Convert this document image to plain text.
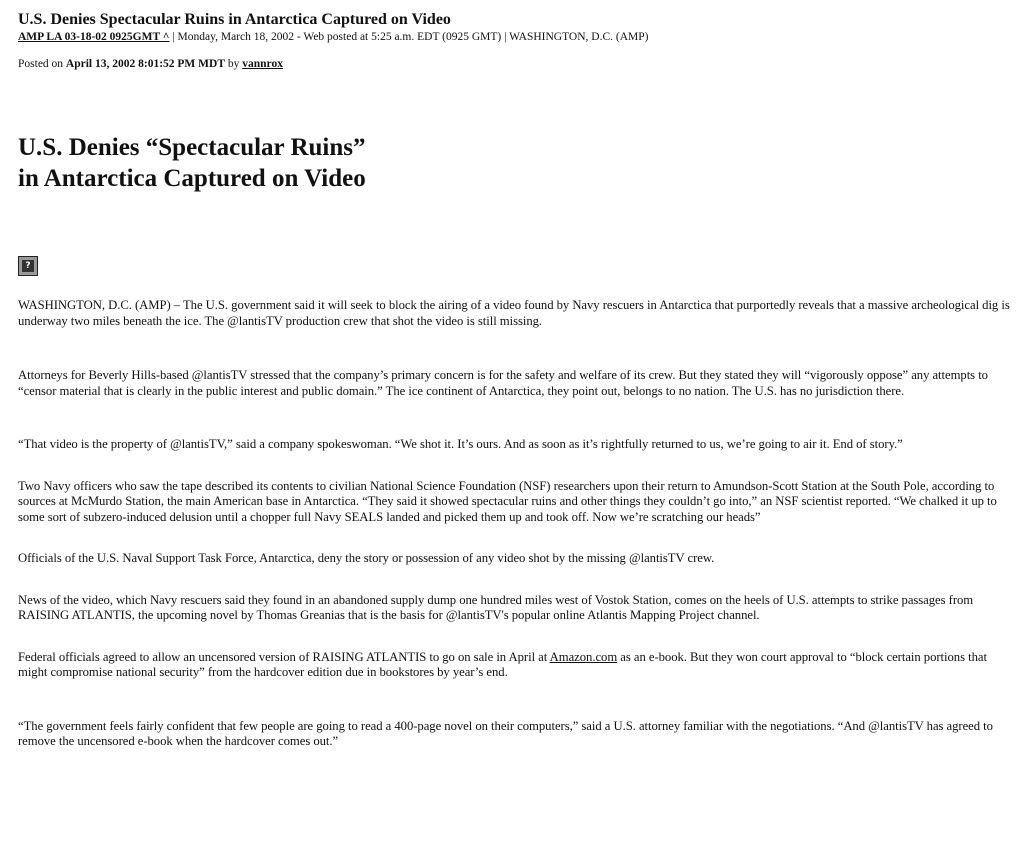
U.S. Denies Spectacular Ruins in Antarctica Captured on Video

AMP LA 03-18-02 0925GMT ^ | Monday, March 18, 2002 - Web posted at 5:25 a.m. EDT (0925 GMT) | WASHINGTON, D.C. (AMP)

Posted on April 13, 2002 8:01:52 PM MDT by vannrox

U.S. Denies “Spectacular Ruins”
in Antarctica Captured on Video
?

WASHINGTON, D.C. (AMP) – The U.S. government said it will seek to block the airing of a video found by Navy rescuers in Antarctica that purportedly reveals that a massive archeological dig is underway two miles beneath the ice. The @lantisTV production crew that shot the video is still missing.

Attorneys for Beverly Hills-based @lantisTV stressed that the company’s primary concern is for the safety and welfare of its crew. But they stated they will “vigorously oppose” any attempts to “censor material that is clearly in the public interest and public domain.” The ice continent of Antarctica, they point out, belongs to no nation. The U.S. has no jurisdiction there.

“That video is the property of @lantisTV,” said a company spokeswoman. “We shot it. It’s ours. And as soon as it’s rightfully returned to us, we’re going to air it. End of story.”

Two Navy officers who saw the tape described its contents to civilian National Science Foundation (NSF) researchers upon their return to Amundson-Scott Station at the South Pole, according to sources at McMurdo Station, the main American base in Antarctica. “They said it showed spectacular ruins and other things they couldn’t go into,” an NSF scientist reported. “We chalked it up to some sort of subzero-induced delusion until a chopper full Navy SEALS landed and picked them up and took off. Now we’re scratching our heads”

Officials of the U.S. Naval Support Task Force, Antarctica, deny the story or possession of any video shot by the missing @lantisTV crew.

News of the video, which Navy rescuers said they found in an abandoned supply dump one hundred miles west of Vostok Station, comes on the heels of U.S. attempts to strike passages from RAISING ATLANTIS, the upcoming novel by Thomas Greanias that is the basis for @lantisTV's popular online Atlantis Mapping Project channel.

Federal officials agreed to allow an uncensored version of RAISING ATLANTIS to go on sale in April at Amazon.com as an e-book. But they won court approval to “block certain portions that might compromise national security” from the hardcover edition due in bookstores by year’s end.

“The government feels fairly confident that few people are going to read a 400-page novel on their computers,” said a U.S. attorney familiar with the negotiations. “And @lantisTV has agreed to remove the uncensored e-book when the hardcover comes out.”
